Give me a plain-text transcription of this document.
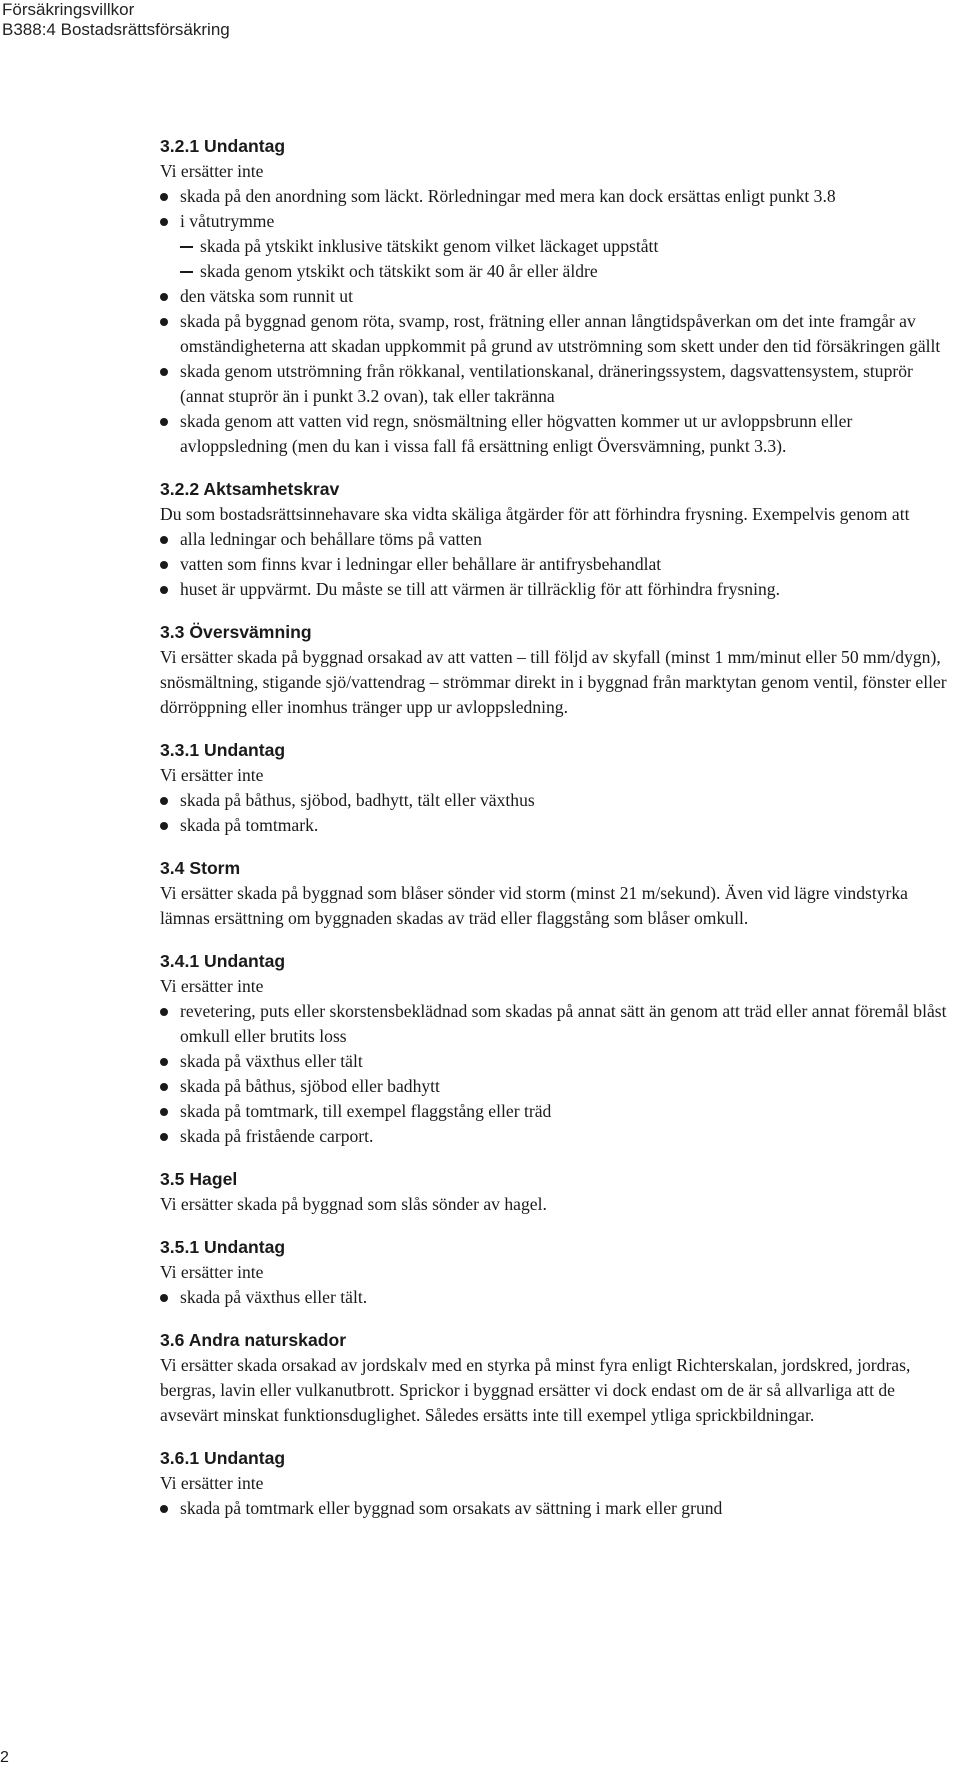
Försäkringsvillkor
B388:4 Bostadsrättsförsäkring
3.2.1 Undantag

Vi ersätter inte

skada på den anordning som läckt. Rörledningar med mera kan dock ersättas enligt punkt 3.8
i våtutrymme
skada på ytskikt inklusive tätskikt genom vilket läckaget uppstått
skada genom ytskikt och tätskikt som är 40 år eller äldre
den vätska som runnit ut
skada på byggnad genom röta, svamp, rost, frätning eller annan långtidspåverkan om det inte framgår av omständigheterna att skadan uppkommit på grund av utströmning som skett under den tid försäkringen gällt
skada genom utströmning från rökkanal, ventilationskanal, dräneringssystem, dagsvattensystem, stuprör (annat stuprör än i punkt 3.2 ovan), tak eller takränna
skada genom att vatten vid regn, snösmältning eller högvatten kommer ut ur avloppsbrunn eller avloppsledning (men du kan i vissa fall få ersättning enligt Översvämning, punkt 3.3).
3.2.2 Aktsamhetskrav

Du som bostadsrättsinnehavare ska vidta skäliga åtgärder för att förhindra frysning. Exempelvis genom att

alla ledningar och behållare töms på vatten
vatten som finns kvar i ledningar eller behållare är antifrysbehandlat
huset är uppvärmt. Du måste se till att värmen är tillräcklig för att förhindra frysning.
3.3 Översvämning

Vi ersätter skada på byggnad orsakad av att vatten – till följd av skyfall (minst 1 mm/minut eller 50 mm/dygn), snösmältning, stigande sjö/vattendrag – strömmar direkt in i byggnad från marktytan genom ventil, fönster eller dörröppning eller inomhus tränger upp ur avloppsledning.

3.3.1 Undantag

Vi ersätter inte

skada på båthus, sjöbod, badhytt, tält eller växthus
skada på tomtmark.
3.4 Storm

Vi ersätter skada på byggnad som blåser sönder vid storm (minst 21 m/sekund). Även vid lägre vindstyrka lämnas ersättning om byggnaden skadas av träd eller flaggstång som blåser omkull.

3.4.1 Undantag

Vi ersätter inte

revetering, puts eller skorstensbeklädnad som skadas på annat sätt än genom att träd eller annat föremål blåst omkull eller brutits loss
skada på växthus eller tält
skada på båthus, sjöbod eller badhytt
skada på tomtmark, till exempel flaggstång eller träd
skada på fristående carport.
3.5 Hagel

Vi ersätter skada på byggnad som slås sönder av hagel.

3.5.1 Undantag

Vi ersätter inte

skada på växthus eller tält.
3.6 Andra naturskador

Vi ersätter skada orsakad av jordskalv med en styrka på minst fyra enligt Richterskalan, jordskred, jordras, bergras, lavin eller vulkanutbrott. Sprickor i byggnad ersätter vi dock endast om de är så allvarliga att de avsevärt minskat funktionsduglighet. Således ersätts inte till exempel ytliga sprickbildningar.

3.6.1 Undantag

Vi ersätter inte

skada på tomtmark eller byggnad som orsakats av sättning i mark eller grund
2
